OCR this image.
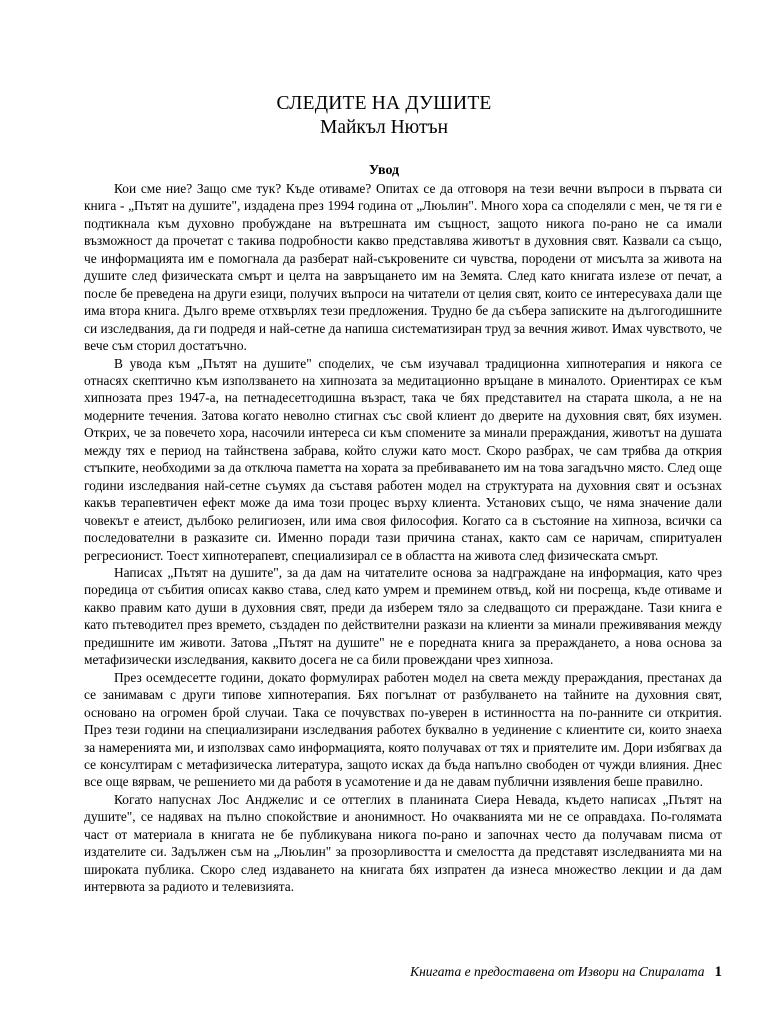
СЛЕДИТЕ НА ДУШИТЕ
Майкъл Нютън
Увод

Кои сме ние? Защо сме тук? Къде отиваме? Опитах се да отговоря на тези вечни въпроси в първата си книга - „Пътят на душите", издадена през 1994 година от „Люьлин". Много хора са споделяли с мен, че тя ги е подтикнала към духовно пробуждане на вътрешната им същност, защото никога по-рано не са имали възможност да прочетат с такива подробности какво представлява животът в духовния свят. Казвали са също, че информацията им е помогнала да разберат най-съкровените си чувства, породени от мисълта за живота на душите след физическата смърт и целта на завръщането им на Земята. След като книгата излезе от печат, а после бе преведена на други езици, получих въпроси на читатели от целия свят, които се интересуваха дали ще има втора книга. Дълго време отхвърлях тези предложения. Трудно бе да събера записките на дългогодишните си изследвания, да ги подредя и най-сетне да напиша систематизиран труд за вечния живот. Имах чувството, че вече съм сторил достатъчно.

В увода към „Пътят на душите" споделих, че съм изучавал традиционна хипнотерапия и някога се отнасях скептично към използването на хипнозата за медитационно връщане в миналото. Ориентирах се към хипнозата през 1947-а, на петнадесетгодишна възраст, така че бях представител на старата школа, а не на модерните течения. Затова когато неволно стигнах със свой клиент до дверите на духовния свят, бях изумен. Открих, че за повечето хора, насочили интереса си към спомените за минали прераждания, животът на душата между тях е период на тайнствена забрава, който служи като мост. Скоро разбрах, че сам трябва да открия стъпките, необходими за да отключа паметта на хората за пребиваването им на това загадъчно място. След още години изследвания най-сетне съумях да съставя работен модел на структурата на духовния свят и осъзнах какъв терапевтичен ефект може да има този процес върху клиента. Установих също, че няма значение дали човекът е атеист, дълбоко религиозен, или има своя философия. Когато са в състояние на хипноза, всички са последователни в разказите си. Именно поради тази причина станах, както сам се наричам, спиритуален регресионист. Тоест хипнотерапевт, специализирал се в областта на живота след физическата смърт.

Написах „Пътят на душите", за да дам на читателите основа за надграждане на информация, като чрез поредица от събития описах какво става, след като умрем и преминем отвъд, кой ни посреща, къде отиваме и какво правим като души в духовния свят, преди да изберем тяло за следващото си прераждане. Тази книга е като пътеводител през времето, създаден по действителни разкази на клиенти за минали преживявания между предишните им животи. Затова „Пътят на душите" не е поредната книга за прераждането, а нова основа за метафизически изследвания, каквито досега не са били провеждани чрез хипноза.

През осемдесетте години, докато формулирах работен модел на света между прераждания, престанах да се занимавам с други типове хипнотерапия. Бях погълнат от разбулването на тайните на духовния свят, основано на огромен брой случаи. Така се почувствах по-уверен в истинността на по-ранните си открития. През тези години на специализирани изследвания работех буквално в уединение с клиентите си, които знаеха за намеренията ми, и използвах само информацията, която получавах от тях и приятелите им. Дори избягвах да се консултирам с метафизическа литература, защото исках да бъда напълно свободен от чужди влияния. Днес все още вярвам, че решението ми да работя в усамотение и да не давам публични изявления беше правилно.

Когато напуснах Лос Анджелис и се оттеглих в планината Сиера Невада, където написах „Пътят на душите", се надявах на пълно спокойствие и анонимност. Но очакванията ми не се оправдаха. По-голямата част от материала в книгата не бе публикувана никога по-рано и започнах често да получавам писма от издателите си. Задължен съм на „Люьлин" за прозорливостта и смелостта да представят изследванията ми на широката публика. Скоро след издаването на книгата бях изпратен да изнеса множество лекции и да дам интервюта за радиото и телевизията.

Книгата е предоставена от Извори на Спиралата 1
